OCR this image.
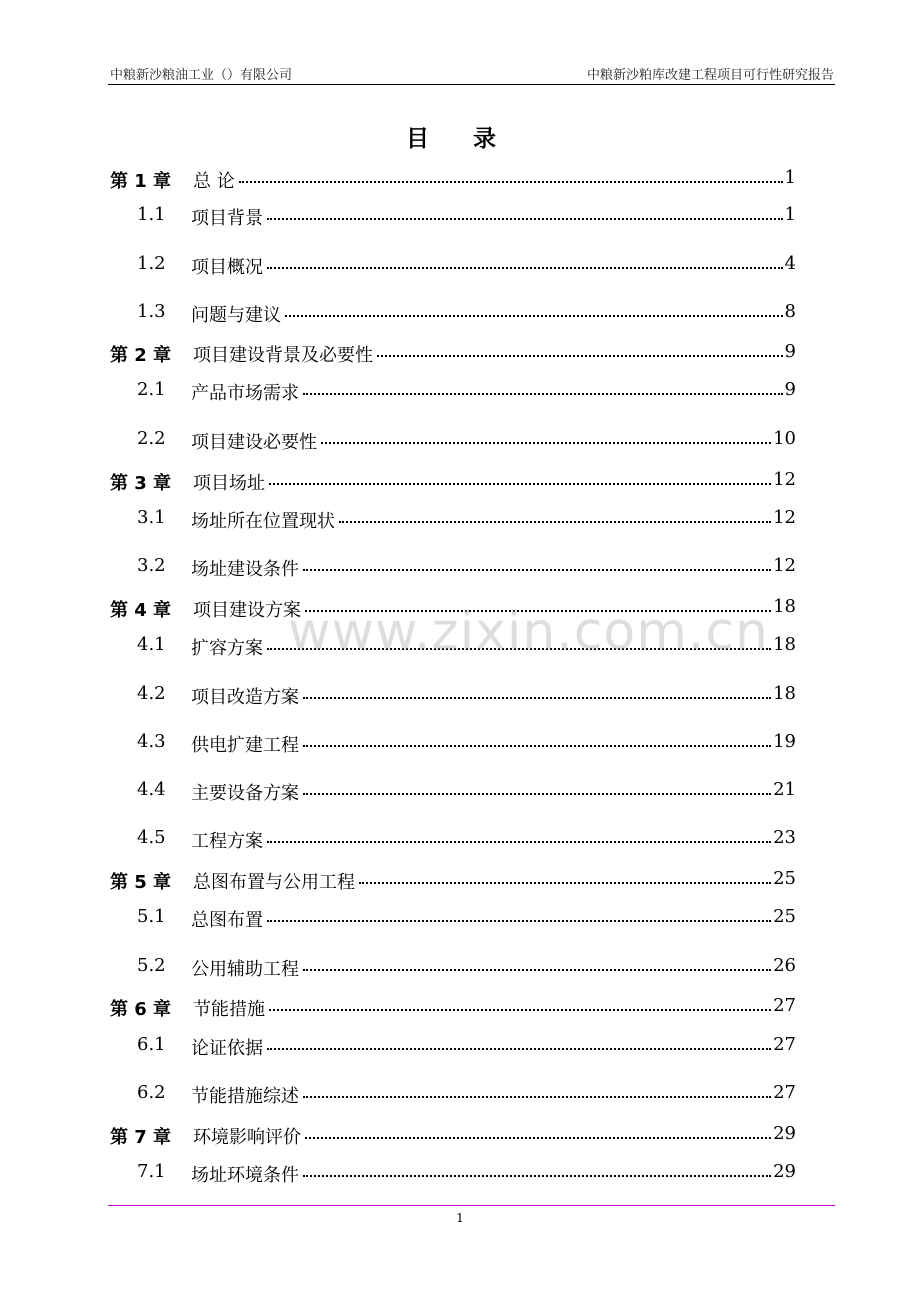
中粮新沙粮油工业（）有限公司	中粮新沙粕库改建工程项目可行性研究报告
目 录
第 1 章 总 论	1
1.1 项目背景	1
1.2 项目概况	4
1.3 问题与建议	8
第 2 章 项目建设背景及必要性	9
2.1 产品市场需求	9
2.2 项目建设必要性	10
第 3 章 项目场址	12
3.1 场址所在位置现状	12
3.2 场址建设条件	12
第 4 章 项目建设方案	18
4.1 扩容方案	18
4.2 项目改造方案	18
4.3 供电扩建工程	19
4.4 主要设备方案	21
4.5 工程方案	23
第 5 章 总图布置与公用工程	25
5.1 总图布置	25
5.2 公用辅助工程	26
第 6 章 节能措施	27
6.1 论证依据	27
6.2 节能措施综述	27
第 7 章 环境影响评价	29
7.1 场址环境条件	29
www.zixin.com.cn
1
